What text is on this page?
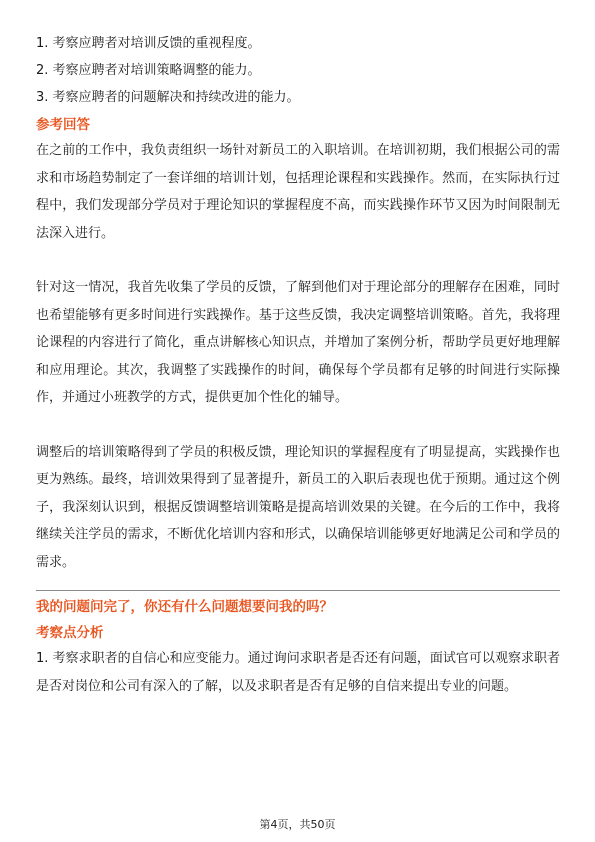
1. 考察应聘者对培训反馈的重视程度。
2. 考察应聘者对培训策略调整的能力。
3. 考察应聘者的问题解决和持续改进的能力。
参考回答

在之前的工作中，我负责组织一场针对新员工的入职培训。在培训初期，我们根据公司的需求和市场趋势制定了一套详细的培训计划，包括理论课程和实践操作。然而，在实际执行过程中，我们发现部分学员对于理论知识的掌握程度不高，而实践操作环节又因为时间限制无法深入进行。

针对这一情况，我首先收集了学员的反馈，了解到他们对于理论部分的理解存在困难，同时也希望能够有更多时间进行实践操作。基于这些反馈，我决定调整培训策略。首先，我将理论课程的内容进行了简化，重点讲解核心知识点，并增加了案例分析，帮助学员更好地理解和应用理论。其次，我调整了实践操作的时间，确保每个学员都有足够的时间进行实际操作，并通过小班教学的方式，提供更加个性化的辅导。

调整后的培训策略得到了学员的积极反馈，理论知识的掌握程度有了明显提高，实践操作也更为熟练。最终，培训效果得到了显著提升，新员工的入职后表现也优于预期。通过这个例子，我深刻认识到，根据反馈调整培训策略是提高培训效果的关键。在今后的工作中，我将继续关注学员的需求，不断优化培训内容和形式，以确保培训能够更好地满足公司和学员的需求。

我的问题问完了，你还有什么问题想要问我的吗？
考察点分析

1. 考察求职者的自信心和应变能力。通过询问求职者是否还有问题，面试官可以观察求职者是否对岗位和公司有深入的了解，以及求职者是否有足够的自信来提出专业的问题。

第4页，共50页
